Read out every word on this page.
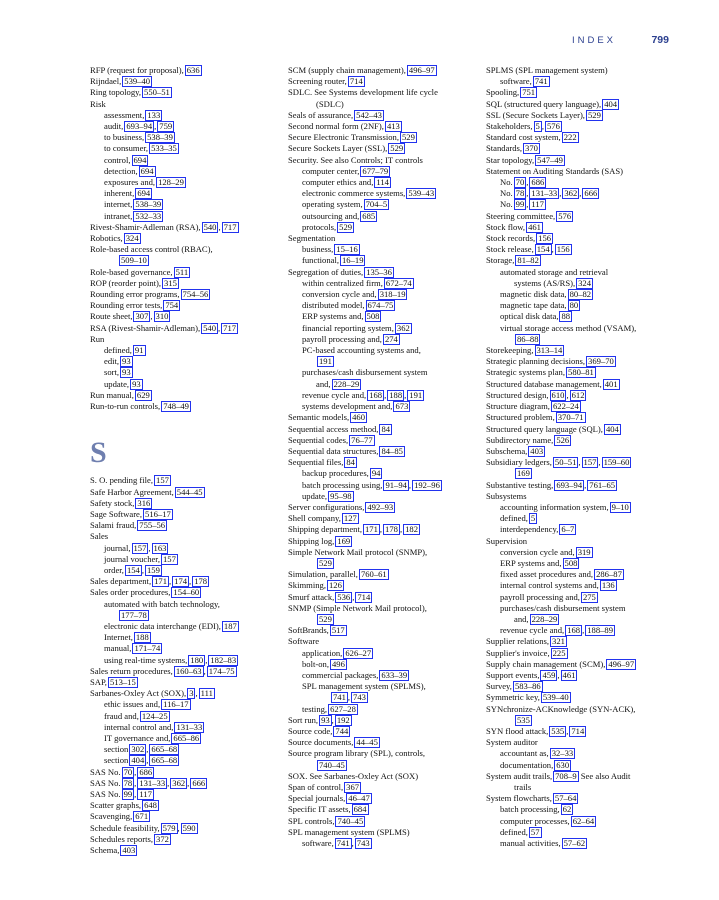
INDEX	799
RFP (request for proposal), 636
Rijndael, 539–40
Ring topology, 550–51
Risk
assessment, 133
audit, 693–94 , 759
to business, 538–39
to consumer, 533–35
control, 694
detection, 694
exposures and, 128–29
inherent, 694
internet, 538–39
intranet, 532–33
Rivest-Shamir-Adleman (RSA), 540 , 717
Robotics, 324
Role-based access control (RBAC),
509–10
Role-based governance, 511
ROP (reorder point), 315
Rounding error programs, 754–56
Rounding error tests, 754
Route sheet, 307 , 310
RSA (Rivest-Shamir-Adleman), 540 , 717
Run
defined, 91
edit, 93
sort, 93
update, 93
Run manual, 629
Run-to-run controls, 748–49
S
S. O. pending file, 157
Safe Harbor Agreement, 544–45
Safety stock, 316
Sage Software, 516–17
Salami fraud, 755–56
Sales
journal, 157 , 163
journal voucher, 157
order, 154 , 159
Sales department, 171 , 174 , 178
Sales order procedures, 154–60
automated with batch technology,
177–78
electronic data interchange (EDI), 187
Internet, 188
manual, 171–74
using real-time systems, 180 , 182–83
Sales return procedures, 160–63 , 174–75
SAP, 513–15
Sarbanes-Oxley Act (SOX), 3 , 111
ethic issues and, 116–17
fraud and, 124–25
internal control and, 131–33
IT governance and, 665–86
section 302 , 665–68
section 404 , 665–68
SAS No. 70 , 686
SAS No. 78 , 131–33 , 362 , 666
SAS No. 99 , 117
Scatter graphs, 648
Scavenging, 671
Schedule feasibility, 579 , 590
Schedules reports, 372
Schema, 403
SCM (supply chain management), 496–97
Screening router, 714
SDLC. See Systems development life cycle
(SDLC)
Seals of assurance, 542–43
Second normal form (2NF), 413
Secure Electronic Transmission, 529
Secure Sockets Layer (SSL), 529
Security. See also Controls; IT controls
computer center, 677–79
computer ethics and, 114
electronic commerce systems, 539–43
operating system, 704–5
outsourcing and, 685
protocols, 529
Segmentation
business, 15–16
functional, 16–19
Segregation of duties, 135–36
within centralized firm, 672–74
conversion cycle and, 318–19
distributed model, 674–75
ERP systems and, 508
financial reporting system, 362
payroll processing and, 274
PC-based accounting systems and,
191
purchases/cash disbursement system
and, 228–29
revenue cycle and, 168 , 188 , 191
systems development and, 673
Semantic models, 460
Sequential access method, 84
Sequential codes, 76–77
Sequential data structures, 84–85
Sequential files, 84
backup procedures, 94
batch processing using, 91–94 , 192–96
update, 95–98
Server configurations, 492–93
Shell company, 127
Shipping department, 171 , 178 , 182
Shipping log, 169
Simple Network Mail protocol (SNMP),
529
Simulation, parallel, 760–61
Skimming, 126
Smurf attack, 536 , 714
SNMP (Simple Network Mail protocol),
529
SoftBrands, 517
Software
application, 626–27
bolt-on, 496
commercial packages, 633–39
SPL management system (SPLMS),
741 , 743
testing, 627–28
Sort run, 93 , 192
Source code, 744
Source documents, 44–45
Source program library (SPL), controls,
740–45
SOX. See Sarbanes-Oxley Act (SOX)
Span of control, 367
Special journals, 46–47
Specific IT assets, 684
SPL controls, 740–45
SPL management system (SPLMS)
software, 741 , 743
SPLMS (SPL management system)
software, 741
Spooling, 751
SQL (structured query language), 404
SSL (Secure Sockets Layer), 529
Stakeholders, 5 , 576
Standard cost system, 222
Standards, 370
Star topology, 547–49
Statement on Auditing Standards (SAS)
No. 70 , 686
No. 78 , 131–33 , 362 , 666
No. 99 , 117
Steering committee, 576
Stock flow, 461
Stock records, 156
Stock release, 154 , 156
Storage, 81–82
automated storage and retrieval
systems (AS/RS), 324
magnetic disk data, 80–82
magnetic tape data, 80
optical disk data, 88
virtual storage access method (VSAM),
86–88
Storekeeping, 313–14
Strategic planning decisions, 369–70
Strategic systems plan, 580–81
Structured database management, 401
Structured design, 610 , 612
Structure diagram, 622–24
Structured problem, 370–71
Structured query language (SQL), 404
Subdirectory name, 526
Subschema, 403
Subsidiary ledgers, 50–51 , 157 , 159–60
169
Substantive testing, 693–94 , 761–65
Subsystems
accounting information system, 9–10
defined, 5
interdependency, 6–7
Supervision
conversion cycle and, 319
ERP systems and, 508
fixed asset procedures and, 286–87
internal control systems and, 136
payroll processing and, 275
purchases/cash disbursement system
and, 228–29
revenue cycle and, 168 , 188–89
Supplier relations, 321
Supplier's invoice, 225
Supply chain management (SCM), 496–97
Support events, 459 , 461
Survey, 583–86
Symmetric key, 539–40
SYNchronize-ACKnowledge (SYN-ACK),
535
SYN flood attack, 535 , 714
System auditor
accountant as, 32–33
documentation, 630
System audit trails, 708–9 See also Audit
trails
System flowcharts, 57–64
batch processing, 62
computer processes, 62–64
defined, 57
manual activities, 57–62
